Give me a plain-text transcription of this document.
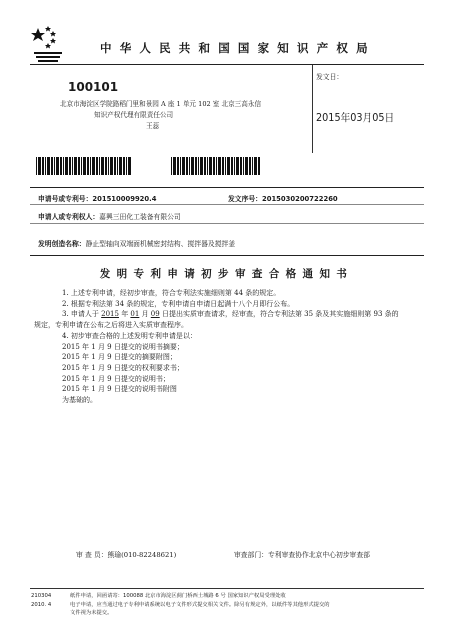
中华人民共和国国家知识产权局
100101
北京市海淀区学院路稻门里和景园 A 座 1 单元 102 室 北京三高永信
知识产权代理有限责任公司
王蕊
发文日：
2015年03月05日
申请号或专利号：201510009920.4	发文序号：2015030200722260
申请人或专利权人：嘉興三田化工装备有限公司
发明创造名称：静止型轴向双端面机械密封结构、搅拌器及搅拌釜
发明专利申请初步审查合格通知书
1. 上述专利申请，经初步审查，符合专利法实施细则第 44 条的规定。
2. 根据专利法第 34 条的规定，专利申请自申请日起满十八个月即行公布。
3. 申请人于 2015 年 01 月 09 日提出实质审查请求，经审查，符合专利法第 35 条及其实施细则第 93 条的
规定，专利申请在公布之后将进入实质审查程序。
4. 初步审查合格的上述发明专利申请是以：
2015 年 1 月 9 日提交的说明书摘要；
2015 年 1 月 9 日提交的摘要附图；
2015 年 1 月 9 日提交的权利要求书；
2015 年 1 月 9 日提交的说明书；
2015 年 1 月 9 日提交的说明书附图
为基础的。
审 查 员：熊瑜(010-82248621)	审查部门：专利审查协作北京中心初步审查部
210304	纸件申请，回函请寄：100088 北京市海淀区蓟门桥西土城路 6 号 国家知识产权局受理处收
2010. 4	电子申请，应当通过电子专利申请系统以电子文件形式提交相关文件。除另有规定外，以纸件等其他形式提交的
文件视为未提交。
